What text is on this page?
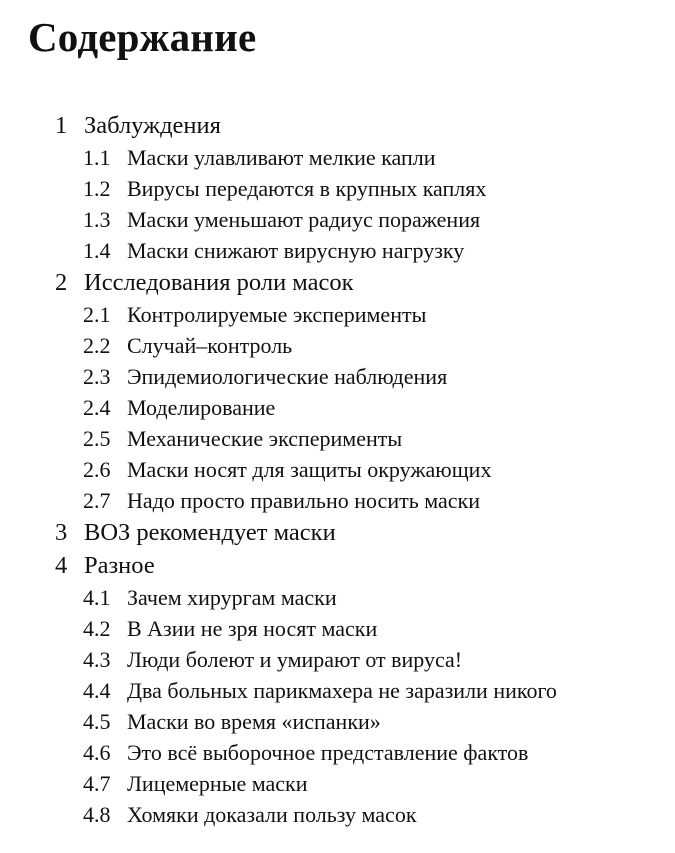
Содержание
1 Заблуждения
1.1 Маски улавливают мелкие капли
1.2 Вирусы передаются в крупных каплях
1.3 Маски уменьшают радиус поражения
1.4 Маски снижают вирусную нагрузку
2 Исследования роли масок
2.1 Контролируемые эксперименты
2.2 Случай–контроль
2.3 Эпидемиологические наблюдения
2.4 Моделирование
2.5 Механические эксперименты
2.6 Маски носят для защиты окружающих
2.7 Надо просто правильно носить маски
3 ВОЗ рекомендует маски
4 Разное
4.1 Зачем хирургам маски
4.2 В Азии не зря носят маски
4.3 Люди болеют и умирают от вируса!
4.4 Два больных парикмахера не заразили никого
4.5 Маски во время «испанки»
4.6 Это всё выборочное представление фактов
4.7 Лицемерные маски
4.8 Хомяки доказали пользу масок
